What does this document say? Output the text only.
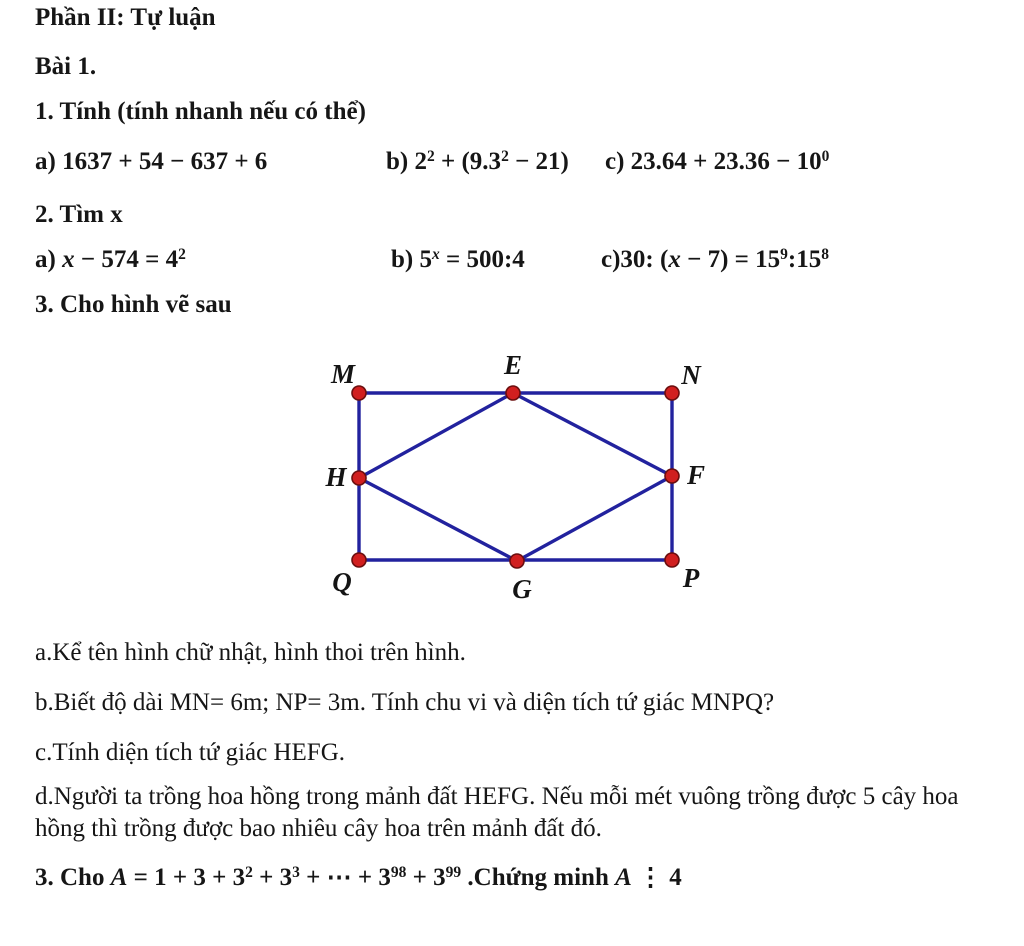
Phần II: Tự luận
Bài 1.
1. Tính (tính nhanh nếu có thể)
a) 1637 + 54 − 637 + 6	b) $2^2 + (9.3^2 - 21)$ c) $23.64 + 23.36 - 10^0$
2. Tìm x
a) $x - 574 = 4^2$	b) $5^x$ = 500:4	c)30: $(x - 7) = 15^9:15^8$
3. Cho hình vẽ sau
M	E	N
H	F
Q	G	P
a.Kể tên hình chữ nhật, hình thoi trên hình.
b.Biết độ dài MN= 6m; NP= 3m. Tính chu vi và diện tích tứ giác MNPQ?
c.Tính diện tích tứ giác HEFG.
d.Người ta trồng hoa hồng trong mảnh đất HEFG. Nếu mỗi mét vuông trồng được 5 cây hoa hồng thì trồng được bao nhiêu cây hoa trên mảnh đất đó.
3. Cho $A = 1 + 3 + 3^2 + 3^3$ + ⋯ + $3^{98} + 3^{99}$ .Chứng minh A ⋮ 4
